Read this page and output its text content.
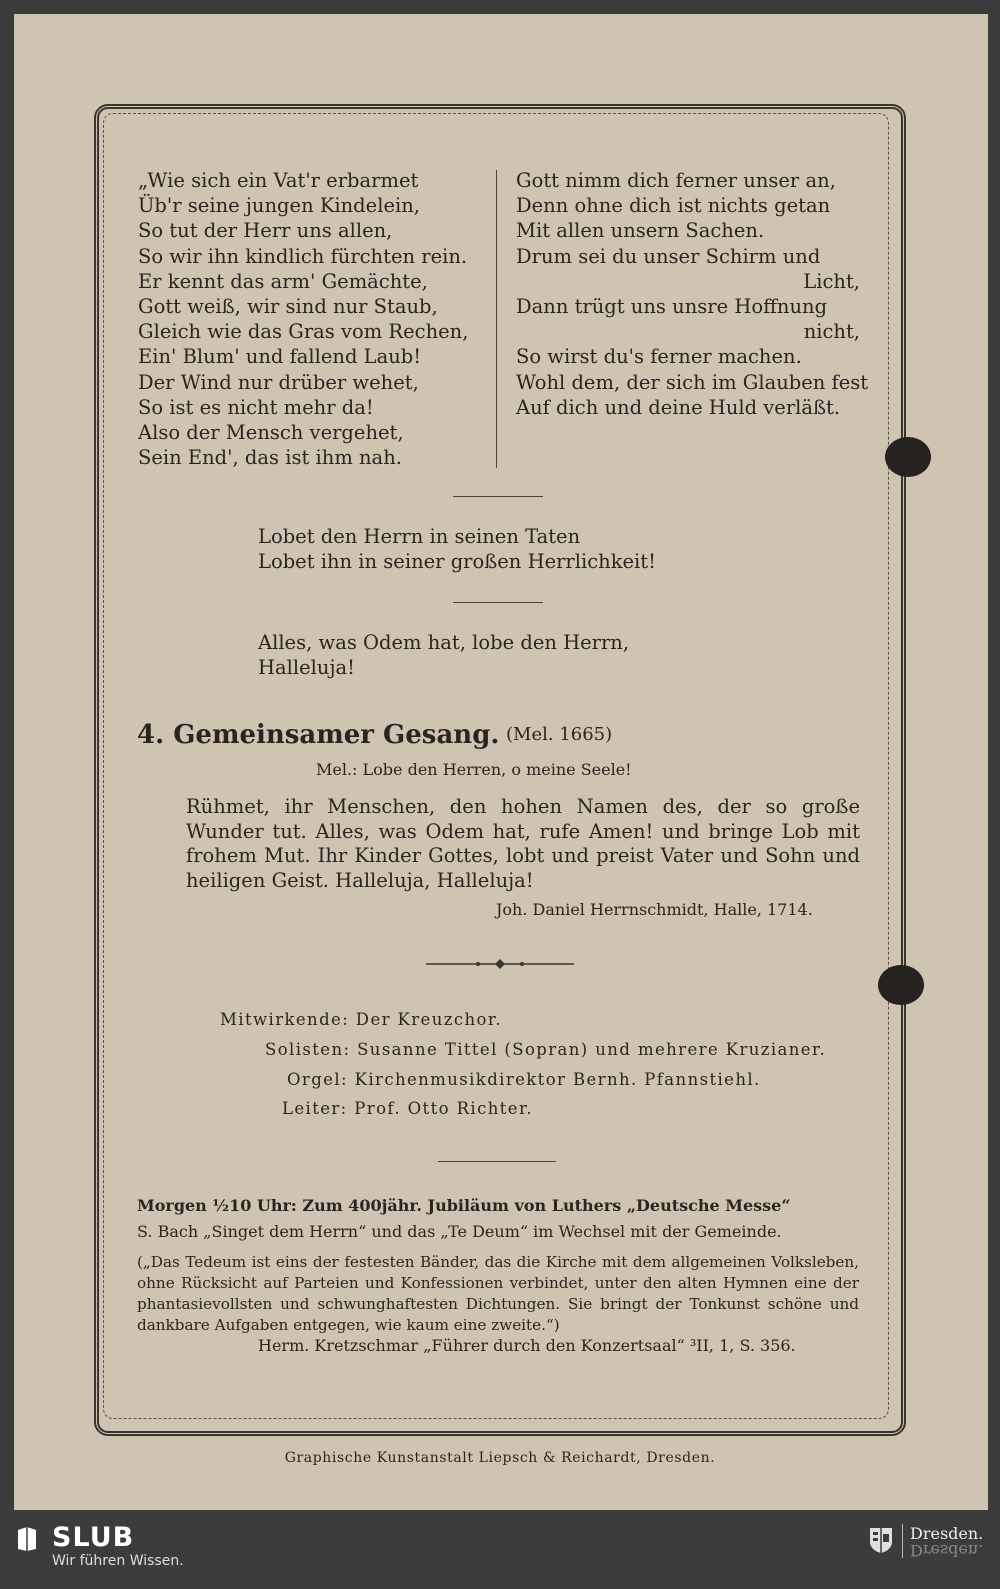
„Wie sich ein Vat'r erbarmet
Üb'r seine jungen Kindelein,
So tut der Herr uns allen,
So wir ihn kindlich fürchten rein.
Er kennt das arm' Gemächte,
Gott weiß, wir sind nur Staub,
Gleich wie das Gras vom Rechen,
Ein' Blum' und fallend Laub!
Der Wind nur drüber wehet,
So ist es nicht mehr da!
Also der Mensch vergehet,
Sein End', das ist ihm nah.
Gott nimm dich ferner unser an,
Denn ohne dich ist nichts getan
Mit allen unsern Sachen.
Drum sei du unser Schirm und
Licht,
Dann trügt uns unsre Hoffnung
nicht,
So wirst du's ferner machen.
Wohl dem, der sich im Glauben fest
Auf dich und deine Huld verläßt.
Lobet den Herrn in seinen Taten
Lobet ihn in seiner großen Herrlichkeit!
Alles, was Odem hat, lobe den Herrn,
Halleluja!
4. Gemeinsamer Gesang. (Mel. 1665)
Mel.: Lobe den Herren, o meine Seele!
Rühmet, ihr Menschen, den hohen Namen des, der so große Wunder tut. Alles, was Odem hat, rufe Amen! und bringe Lob mit frohem Mut. Ihr Kinder Gottes, lobt und preist Vater und Sohn und heiligen Geist. Halleluja, Halleluja!
Joh. Daniel Herrnschmidt, Halle, 1714.
Mitwirkende: Der Kreuzchor.
Solisten: Susanne Tittel (Sopran) und mehrere Kruzianer.
Orgel: Kirchenmusikdirektor Bernh. Pfannstiehl.
Leiter: Prof. Otto Richter.
Morgen ½10 Uhr: Zum 400jähr. Jubiläum von Luthers „Deutsche Messe“
S. Bach „Singet dem Herrn“ und das „Te Deum“ im Wechsel mit der Gemeinde.
(„Das Tedeum ist eins der festesten Bänder, das die Kirche mit dem allgemeinen Volksleben, ohne Rücksicht auf Parteien und Konfessionen verbindet, unter den alten Hymnen eine der phantasievollsten und schwunghaftesten Dichtungen. Sie bringt der Tonkunst schöne und dankbare Aufgaben entgegen, wie kaum eine zweite.“)
Herm. Kretzschmar „Führer durch den Konzertsaal“ ³II, 1, S. 356.
Graphische Kunstanstalt Liepsch & Reichardt, Dresden.
SLUB
Wir führen Wissen.
Dresden.
Dresden.
